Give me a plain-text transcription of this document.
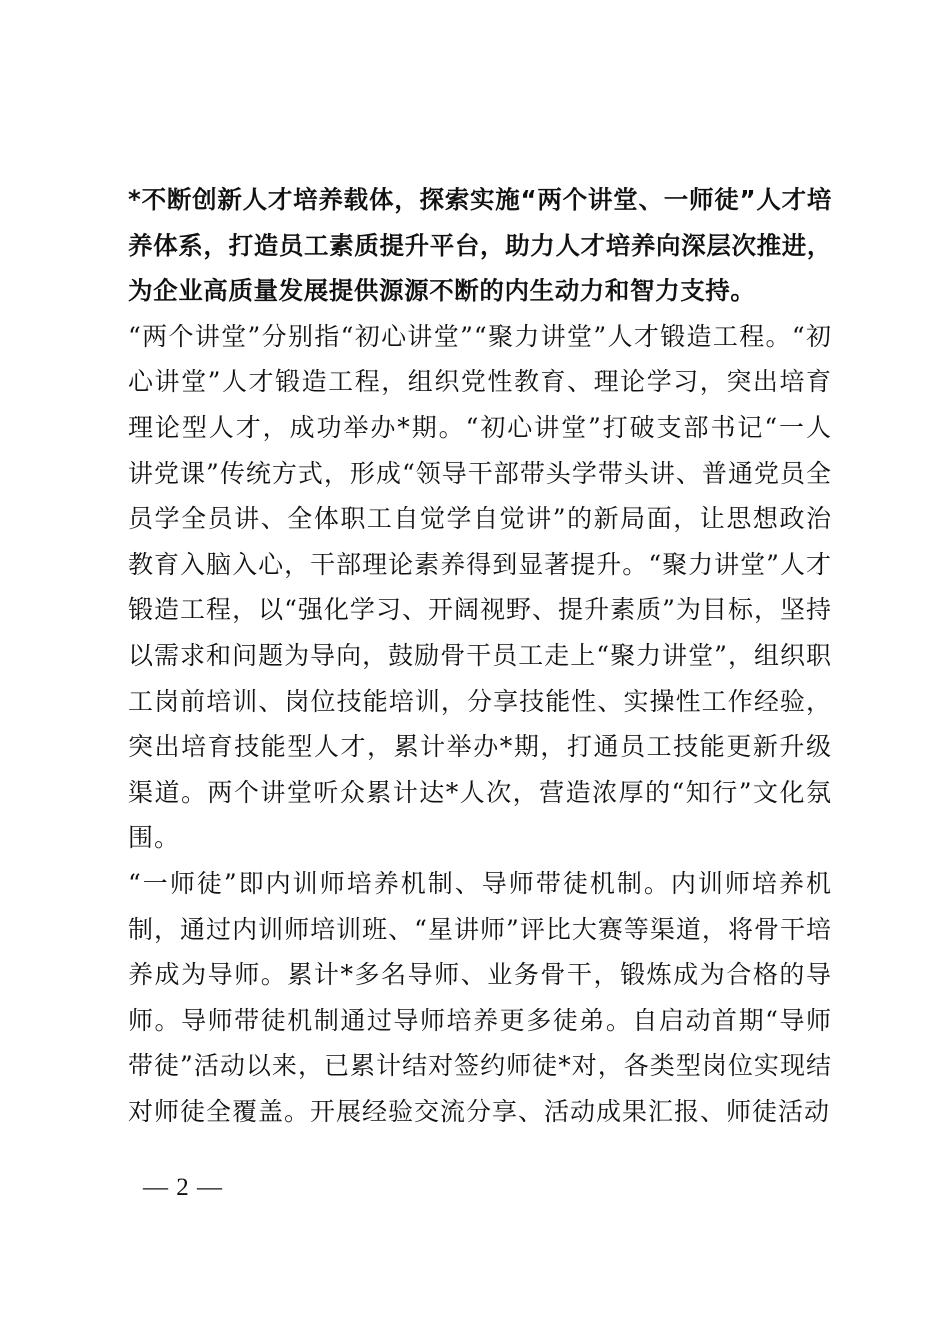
*不断创新人才培养载体，探索实施“两个讲堂、一师徒”人才培养体系，打造员工素质提升平台，助力人才培养向深层次推进，为企业高质量发展提供源源不断的内生动力和智力支持。

“两个讲堂”分别指“初心讲堂”“聚力讲堂”人才锻造工程。“初心讲堂”人才锻造工程，组织党性教育、理论学习，突出培育理论型人才，成功举办*期。“初心讲堂”打破支部书记“一人讲党课”传统方式，形成“领导干部带头学带头讲、普通党员全员学全员讲、全体职工自觉学自觉讲”的新局面，让思想政治教育入脑入心，干部理论素养得到显著提升。“聚力讲堂”人才锻造工程，以“强化学习、开阔视野、提升素质”为目标，坚持以需求和问题为导向，鼓励骨干员工走上“聚力讲堂”，组织职工岗前培训、岗位技能培训，分享技能性、实操性工作经验，突出培育技能型人才，累计举办*期，打通员工技能更新升级渠道。两个讲堂听众累计达*人次，营造浓厚的“知行”文化氛围。

“一师徒”即内训师培养机制、导师带徒机制。内训师培养机制，通过内训师培训班、“星讲师”评比大赛等渠道，将骨干培养成为导师。累计*多名导师、业务骨干，锻炼成为合格的导师。导师带徒机制通过导师培养更多徒弟。自启动首期“导师带徒”活动以来，已累计结对签约师徒*对，各类型岗位实现结对师徒全覆盖。开展经验交流分享、活动成果汇报、师徒活动

— 2 —
